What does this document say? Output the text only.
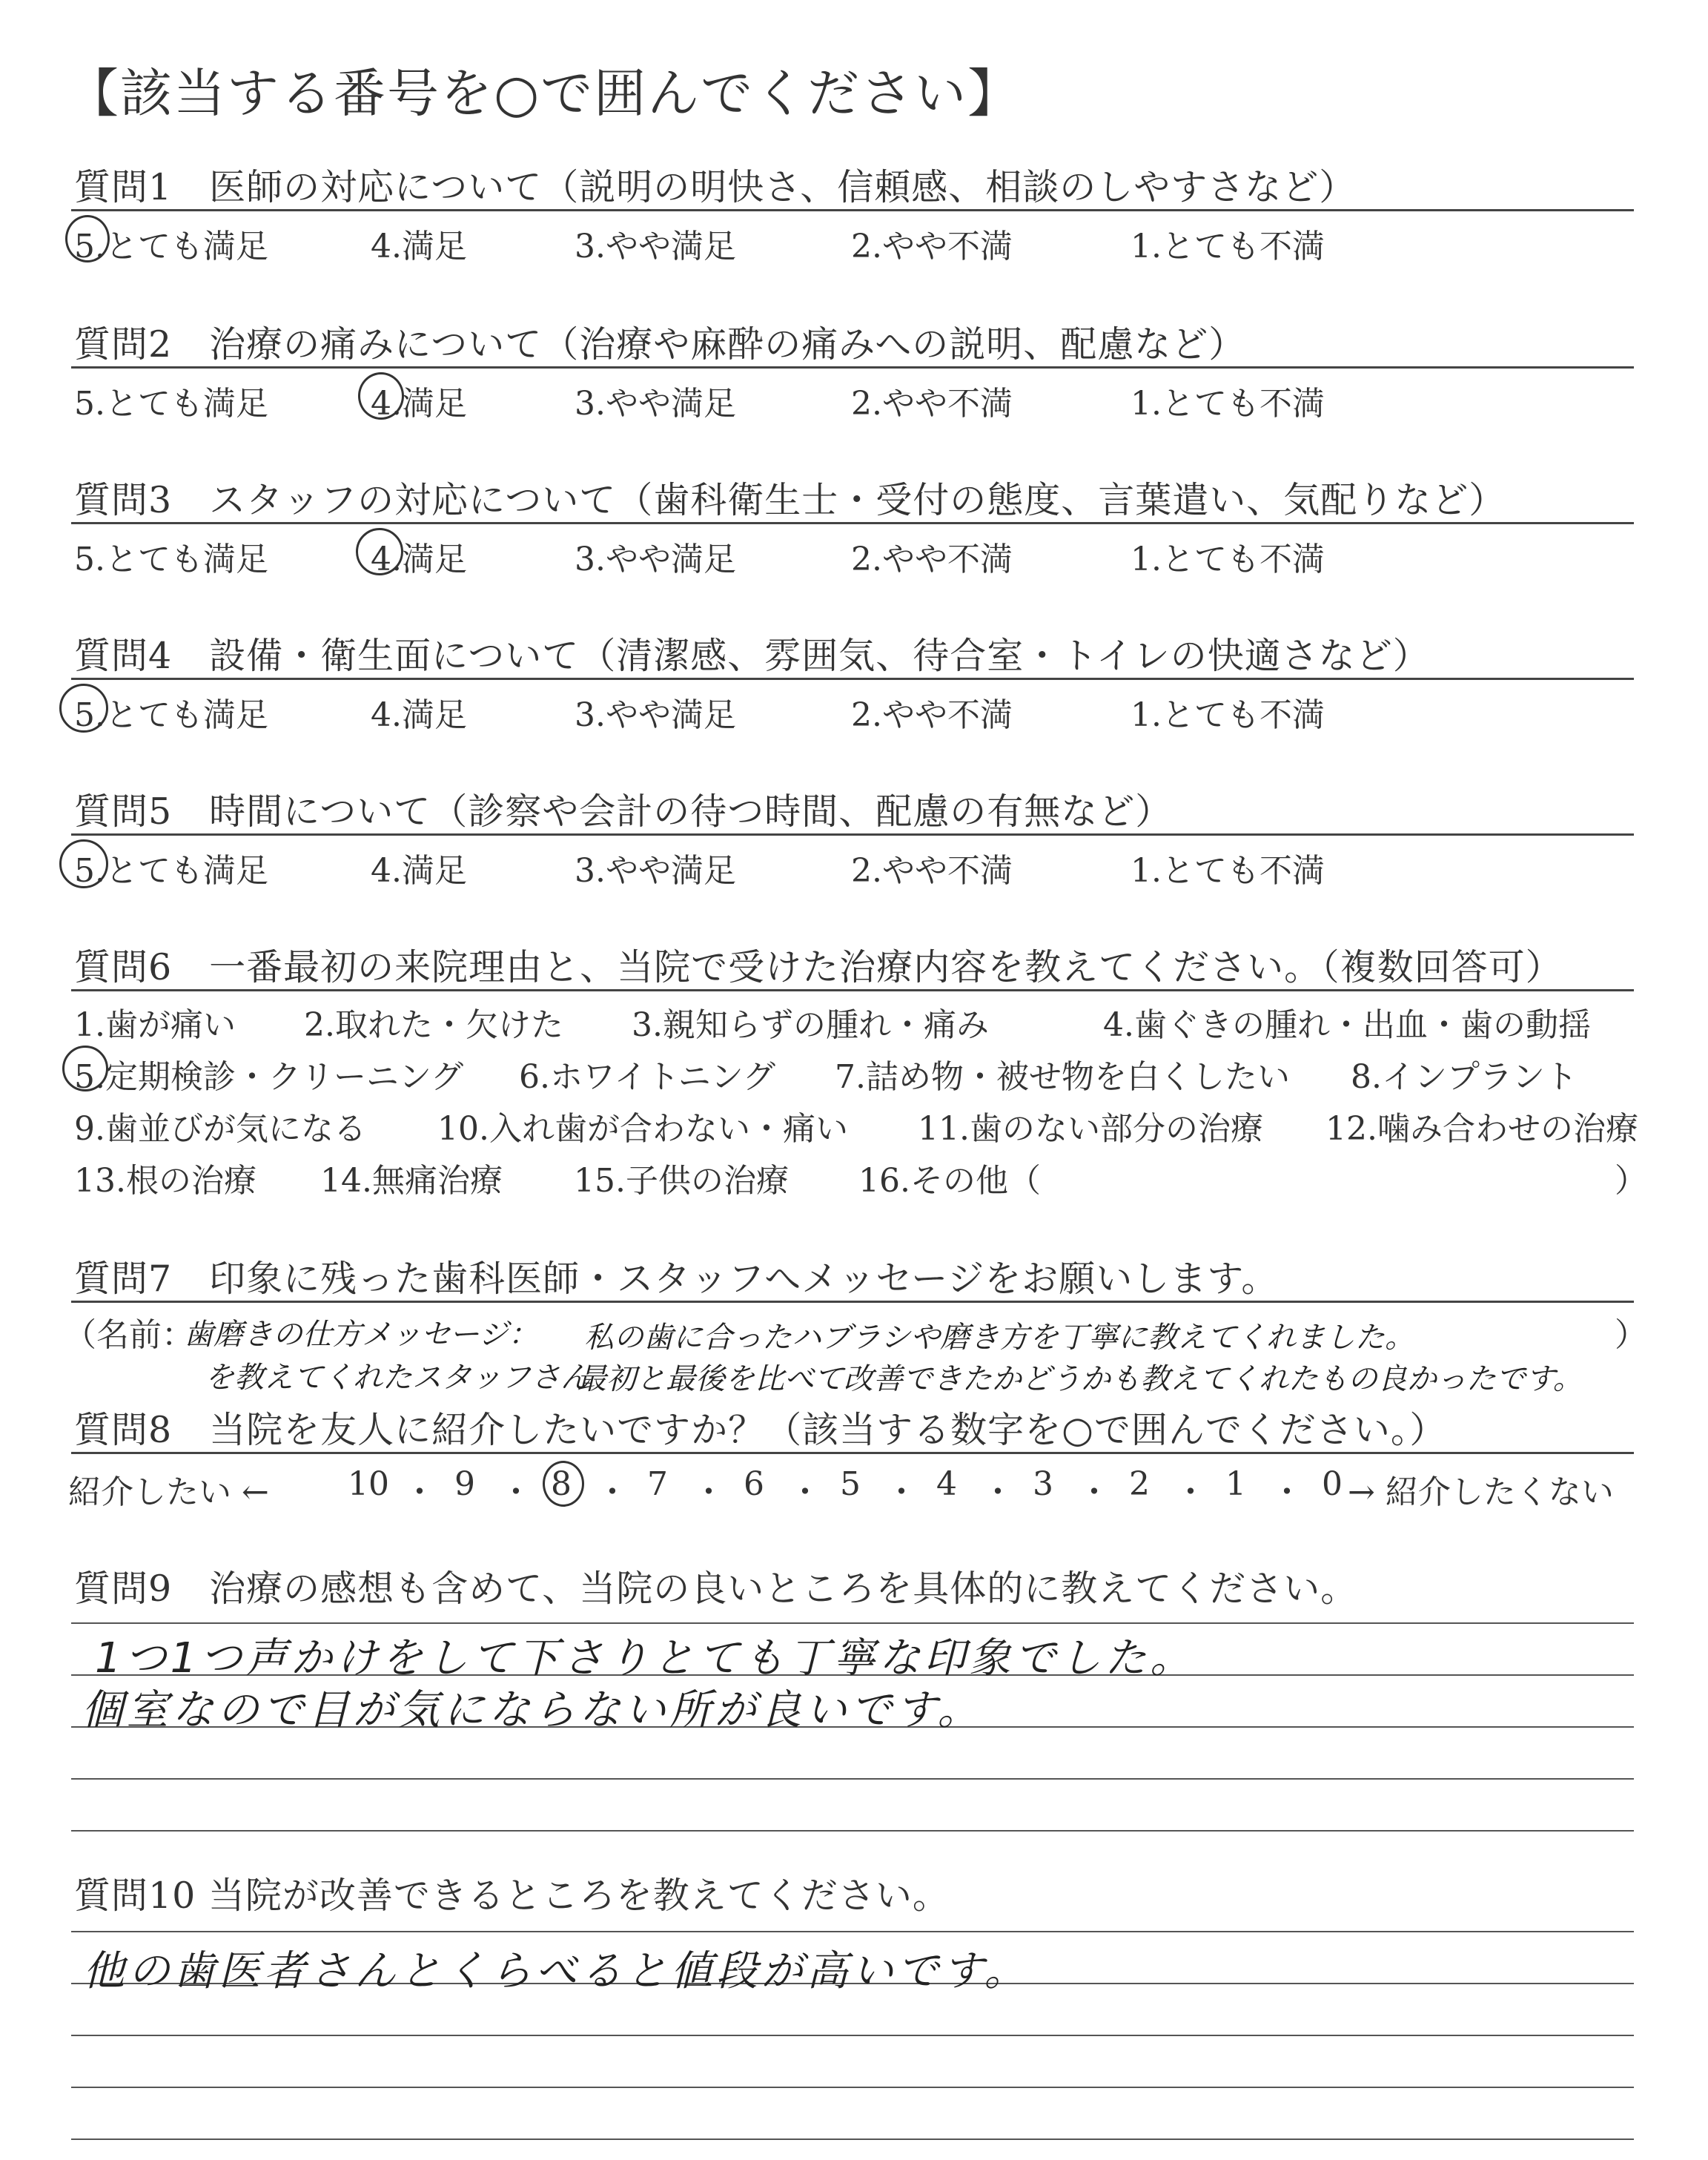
【該当する番号を○で囲んでください】
質問1　医師の対応について（説明の明快さ、信頼感、相談のしやすさなど）
5.とても満足	4.満足	3.やや満足	2.やや不満	1.とても不満
質問2　治療の痛みについて（治療や麻酔の痛みへの説明、配慮など）
5.とても満足	4.満足	3.やや満足	2.やや不満	1.とても不満
質問3　スタッフの対応について（歯科衛生士・受付の態度、言葉遣い、気配りなど）
5.とても満足	4.満足	3.やや満足	2.やや不満	1.とても不満
質問4　設備・衛生面について（清潔感、雰囲気、待合室・トイレの快適さなど）
5.とても満足	4.満足	3.やや満足	2.やや不満	1.とても不満
質問5　時間について（診察や会計の待つ時間、配慮の有無など）
5.とても満足	4.満足	3.やや満足	2.やや不満	1.とても不満
質問6　一番最初の来院理由と、当院で受けた治療内容を教えてください。（複数回答可）
1.歯が痛い 2.取れた・欠けた 3.親知らずの腫れ・痛み	4.歯ぐきの腫れ・出血・歯の動揺
5.定期検診・クリーニング 6.ホワイトニング 7.詰め物・被せ物を白くしたい 8.インプラント
9.歯並びが気になる 10.入れ歯が合わない・痛い 11.歯のない部分の治療 12.噛み合わせの治療
13.根の治療 14.無痛治療 15.子供の治療 16.その他（	）
質問7　印象に残った歯科医師・スタッフへメッセージをお願いします。
（名前：
歯磨きの仕方メッセージ：
を教えてくれたスタッフさん
私の歯に合ったハブラシや磨き方を丁寧に教えてくれました。
最初と最後を比べて改善できたかどうかも教えてくれたもの良かったです。
）
質問8　当院を友人に紹介したいですか？（該当する数字を○で囲んでください。）
紹介したい ←	→ 紹介したくない
10 ・ 9 ・ 8 ・ 7 ・ 6 ・ 5 ・ 4 ・ 3 ・ 2 ・ 1 ・ 0
質問9　治療の感想も含めて、当院の良いところを具体的に教えてください。
1つ1つ声かけをして下さりとても丁寧な印象でした。
個室なので目が気にならない所が良いです。
質問10 当院が改善できるところを教えてください。
他の歯医者さんとくらべると値段が高いです。
